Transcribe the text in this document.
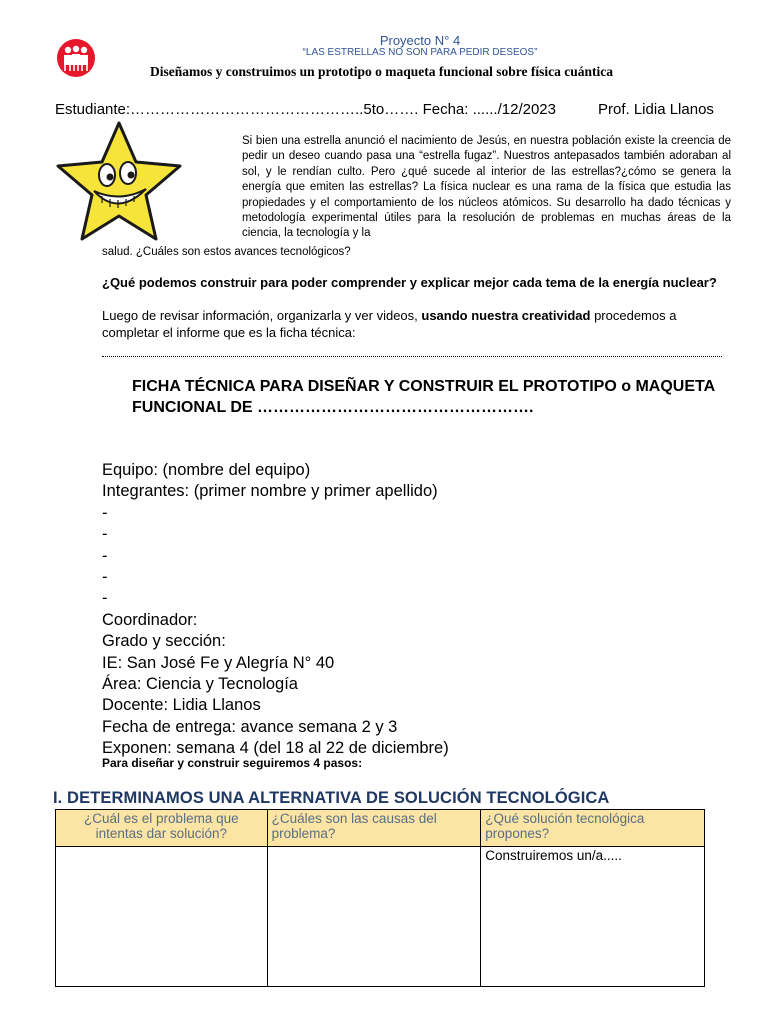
Proyecto N° 4
“LAS ESTRELLAS NO SON PARA PEDIR DESEOS”
Diseñamos y construimos un prototipo o maqueta funcional sobre física cuántica
Estudiante:………………………………………..5to……. Fecha: ....../12/2023	Prof. Lidia Llanos
Si bien una estrella anunció el nacimiento de Jesús, en nuestra población existe la creencia de pedir un deseo cuando pasa una “estrella fugaz”. Nuestros antepasados también adoraban al sol, y le rendían culto. Pero ¿qué sucede al interior de las estrellas?¿cómo se genera la energía que emiten las estrellas? La física nuclear es una rama de la física que estudia las propiedades y el comportamiento de los núcleos atómicos. Su desarrollo ha dado técnicas y metodología experimental útiles para la resolución de problemas en muchas áreas de la ciencia, la tecnología y la
salud. ¿Cuáles son estos avances tecnológicos?
¿Qué podemos construir para poder comprender y explicar mejor cada tema de la energía nuclear?
Luego de revisar información, organizarla y ver videos, usando nuestra creatividad procedemos a completar el informe que es la ficha técnica:
FICHA TÉCNICA PARA DISEÑAR Y CONSTRUIR EL PROTOTIPO o MAQUETA FUNCIONAL DE …………………………………………….
Equipo: (nombre del equipo)
Integrantes: (primer nombre y primer apellido)
-
-
-
-
-
Coordinador:
Grado y sección:
IE: San José Fe y Alegría N° 40
Área: Ciencia y Tecnología
Docente: Lidia Llanos
Fecha de entrega: avance semana 2 y 3
Exponen: semana 4 (del 18 al 22 de diciembre)
Para diseñar y construir seguiremos 4 pasos:
I. DETERMINAMOS UNA ALTERNATIVA DE SOLUCIÓN TECNOLÓGICA
¿Cuál es el problema que intentas dar solución?	¿Cuáles son las causas del problema?	¿Qué solución tecnológica propones?
		Construiremos un/a.....
